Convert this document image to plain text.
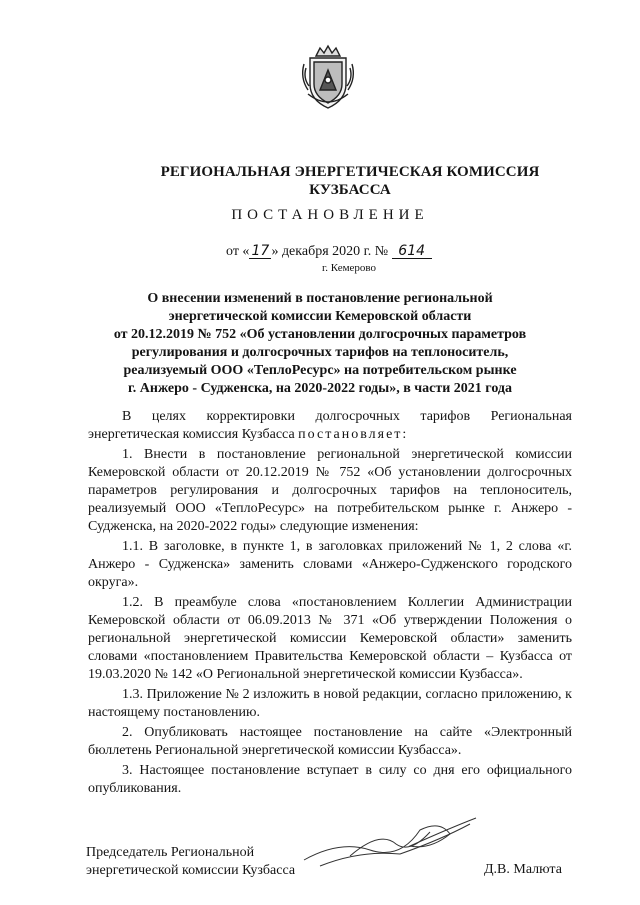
РЕГИОНАЛЬНАЯ ЭНЕРГЕТИЧЕСКАЯ КОМИССИЯ
КУЗБАССА
ПОСТАНОВЛЕНИЕ
от « 17 » декабря 2020 г. № 614
г. Кемерово
О внесении изменений в постановление региональной
энергетической комиссии Кемеровской области
от 20.12.2019 № 752 «Об установлении долгосрочных параметров
регулирования и долгосрочных тарифов на теплоноситель,
реализуемый ООО «ТеплоРесурс» на потребительском рынке
г. Анжеро - Судженска, на 2020-2022 годы», в части 2021 года

В целях корректировки долгосрочных тарифов Региональная энергетическая комиссия Кузбасса постановляет:

1. Внести в постановление региональной энергетической комиссии Кемеровской области от 20.12.2019 № 752 «Об установлении долгосрочных параметров регулирования и долгосрочных тарифов на теплоноситель, реализуемый ООО «ТеплоРесурс» на потребительском рынке г. Анжеро - Судженска, на 2020-2022 годы» следующие изменения:

1.1. В заголовке, в пункте 1, в заголовках приложений № 1, 2 слова «г. Анжеро - Судженска» заменить словами «Анжеро-Судженского городского округа».

1.2. В преамбуле слова «постановлением Коллегии Администрации Кемеровской области от 06.09.2013 № 371 «Об утверждении Положения о региональной энергетической комиссии Кемеровской области» заменить словами «постановлением Правительства Кемеровской области – Кузбасса от 19.03.2020 № 142 «О Региональной энергетической комиссии Кузбасса».

1.3. Приложение № 2 изложить в новой редакции, согласно приложению, к настоящему постановлению.

2. Опубликовать настоящее постановление на сайте «Электронный бюллетень Региональной энергетической комиссии Кузбасса».

3. Настоящее постановление вступает в силу со дня его официального опубликования.

Председатель Региональной
энергетической комиссии Кузбасса	Д.В. Малюта
